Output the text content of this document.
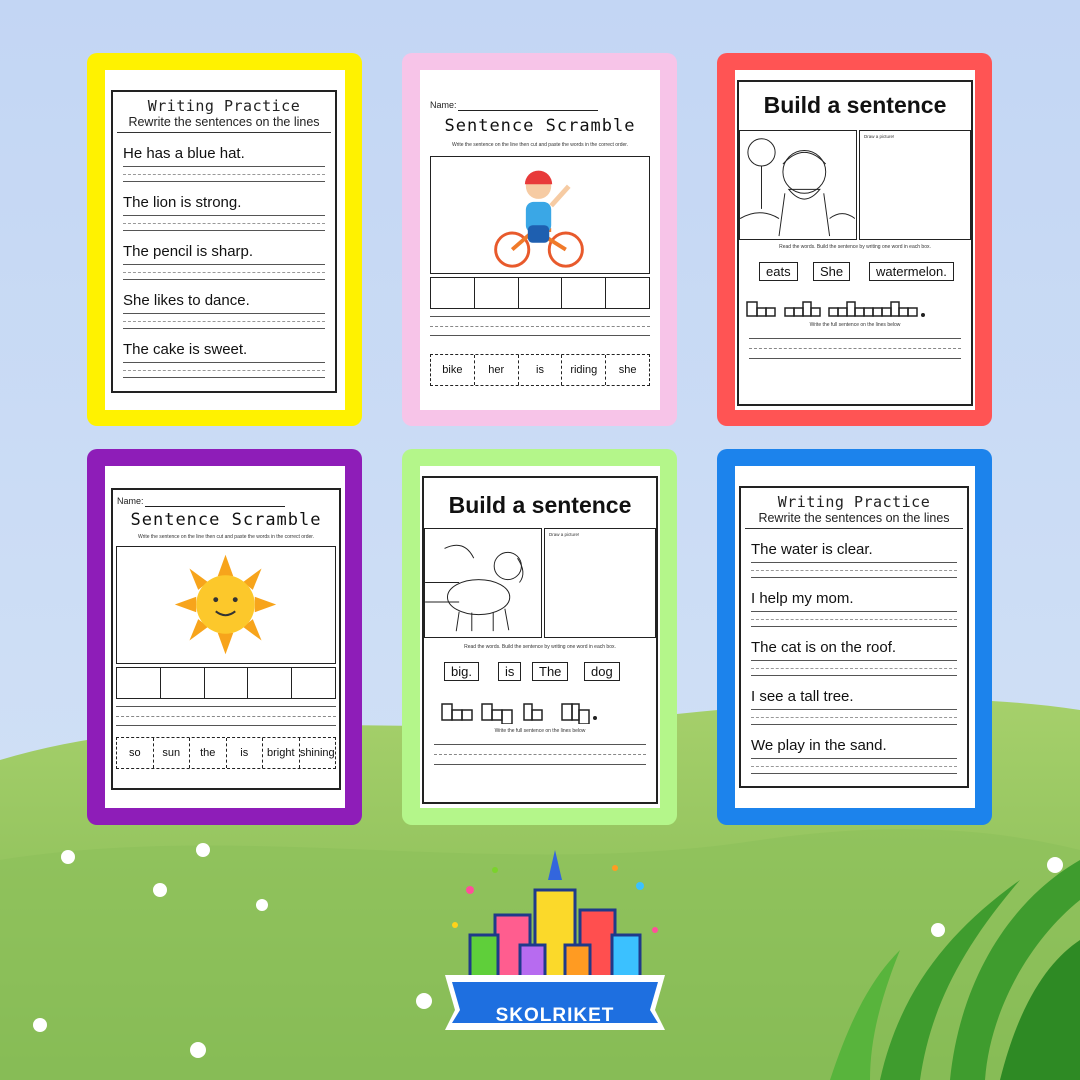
Writing Practice
Rewrite the sentences on the lines
He has a blue hat.
The lion is strong.
The pencil is sharp.
She likes to dance.
The cake is sweet.
Name:
Sentence Scramble
Write the sentence on the line then cut and paste the words in the correct order.
bike	her	is	riding	she
Build a sentence
Draw a picture!
Read the words. Build the sentence by writing one word in each box.
eats	She	watermelon.
Write the full sentence on the lines below
Name:
Sentence Scramble
Write the sentence on the line then cut and paste the words in the correct order.
so	sun	the	is	bright shining
Build a sentence
Draw a picture!
Read the words. Build the sentence by writing one word in each box.
big.	is	The	dog
Write the full sentence on the lines below
Writing Practice
Rewrite the sentences on the lines
The water is clear.
I help my mom.
The cat is on the roof.
I see a tall tree.
We play in the sand.
SKOLRIKET
